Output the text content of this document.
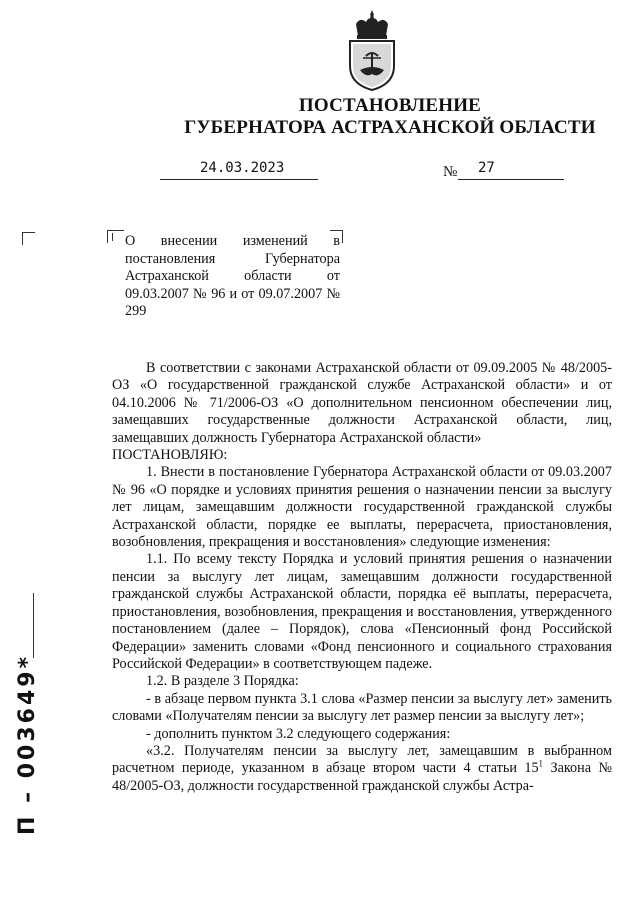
ПОСТАНОВЛЕНИЕ
ГУБЕРНАТОРА АСТРАХАНСКОЙ ОБЛАСТИ
24.03.2023	№ 27

О внесении изменений в постановления Губернатора Астраханской области от 09.03.2007 № 96 и от 09.07.2007 № 299

В соответствии с законами Астраханской области от 09.09.2005 № 48/2005-ОЗ «О государственной гражданской службе Астраханской области» и от 04.10.2006 № 71/2006-ОЗ «О дополнительном пенсионном обеспечении лиц, замещавших государственные должности Астраханской области, лиц, замещавших должность Губернатора Астраханской области»

ПОСТАНОВЛЯЮ:

1. Внести в постановление Губернатора Астраханской области от 09.03.2007 № 96 «О порядке и условиях принятия решения о назначении пенсии за выслугу лет лицам, замещавшим должности государственной гражданской службы Астраханской области, порядке ее выплаты, перерасчета, приостановления, возобновления, прекращения и восстановления» следующие изменения:

1.1. По всему тексту Порядка и условий принятия решения о назначении пенсии за выслугу лет лицам, замещавшим должности государственной гражданской службы Астраханской области, порядка её выплаты, перерасчета, приостановления, возобновления, прекращения и восстановления, утвержденного постановлением (далее – Порядок), слова «Пенсионный фонд Российской Федерации» заменить словами «Фонд пенсионного и социального страхования Российской Федерации» в соответствующем падеже.

1.2. В разделе 3 Порядка:

- в абзаце первом пункта 3.1 слова «Размер пенсии за выслугу лет» заменить словами «Получателям пенсии за выслугу лет размер пенсии за выслугу лет»;

- дополнить пунктом 3.2 следующего содержания:

«3.2. Получателям пенсии за выслугу лет, замещавшим в выбранном расчетном периоде, указанном в абзаце втором части 4 статьи $15^1$ Закона № 48/2005-ОЗ, должности государственной гражданской службы Астра-

П – 003649*
